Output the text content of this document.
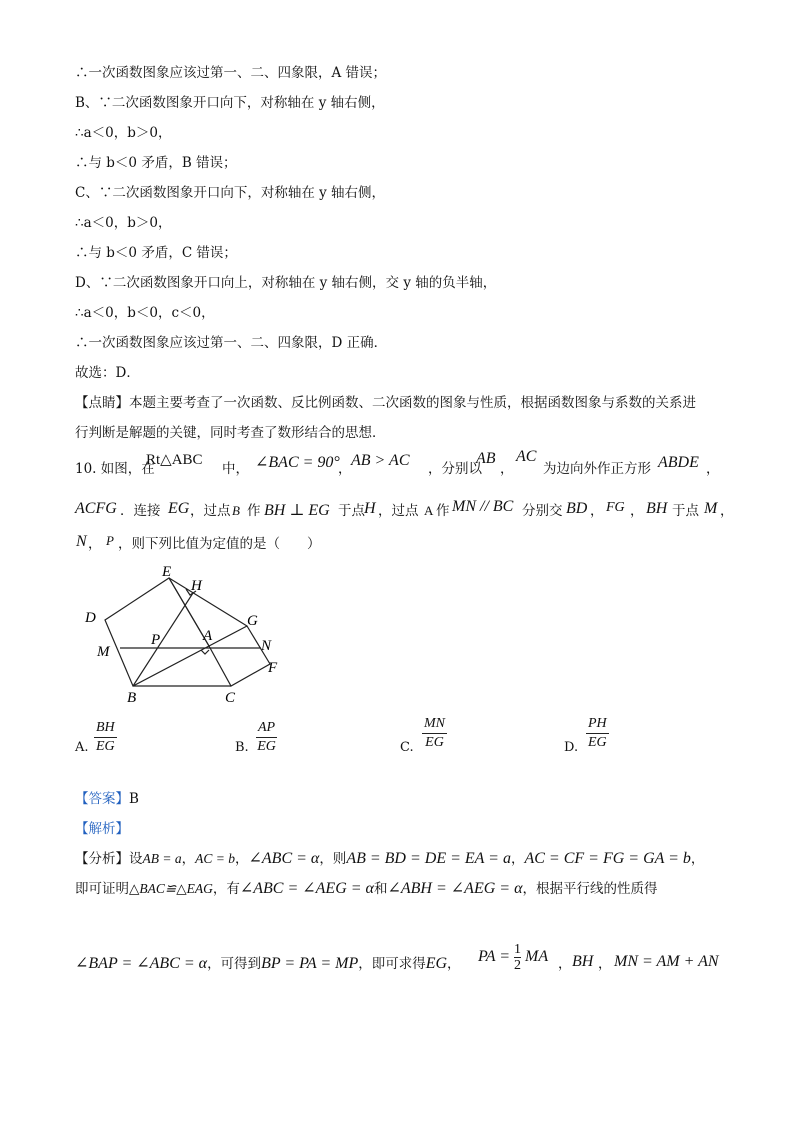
∴一次函数图象应该过第一、二、四象限，A 错误；
B、∵二次函数图象开口向下，对称轴在 y 轴右侧，
∴a＜0，b＞0，
∴与 b＜0 矛盾，B 错误；
C、∵二次函数图象开口向下，对称轴在 y 轴右侧，
∴a＜0，b＞0，
∴与 b＜0 矛盾，C 错误；
D、∵二次函数图象开口向上，对称轴在 y 轴右侧，交 y 轴的负半轴，
∴a＜0，b＜0，c＜0，
∴一次函数图象应该过第一、二、四象限，D 正确．
故选：D．
【点睛】本题主要考查了一次函数、反比例函数、二次函数的图象与性质，根据函数图象与系数的关系进
行判断是解题的关键，同时考查了数形结合的思想．
10. 如图，在
Rt△ABC
中， ∠BAC = 90°
， AB > AC ，分别以
AB
，
AC
为边向外作正方形 ABDE ，
ACFG ．连接 EG ，过点 B 作 BH ⊥ EG 于点 H ，过点 A 作 MN // BC 分别交 BD ， FG ， BH 于点 M ，
N ， P ，则下列比值为定值的是（　　）
E
H
D	G
P	A
M	N
F
B	C
A. $\frac{BH}{EG}$	B. $\frac{AP}{EG}$	C. $\frac{MN}{EG}$	D. $\frac{PH}{EG}$
【答案】B
【解析】
【分析】设AB = a，AC = b，∠ABC = α，则AB = BD = DE = EA = a，AC = CF = FG = GA = b，
即可证明△BAC≌△EAG，有∠ABC = ∠AEG = α和∠ABH = ∠AEG = α，根据平行线的性质得
∠BAP = ∠ABC = α，可得到BP = PA = MP，即可求得EG， PA = $\frac{1}{2}$ MA ， BH ， MN = AM + AN
